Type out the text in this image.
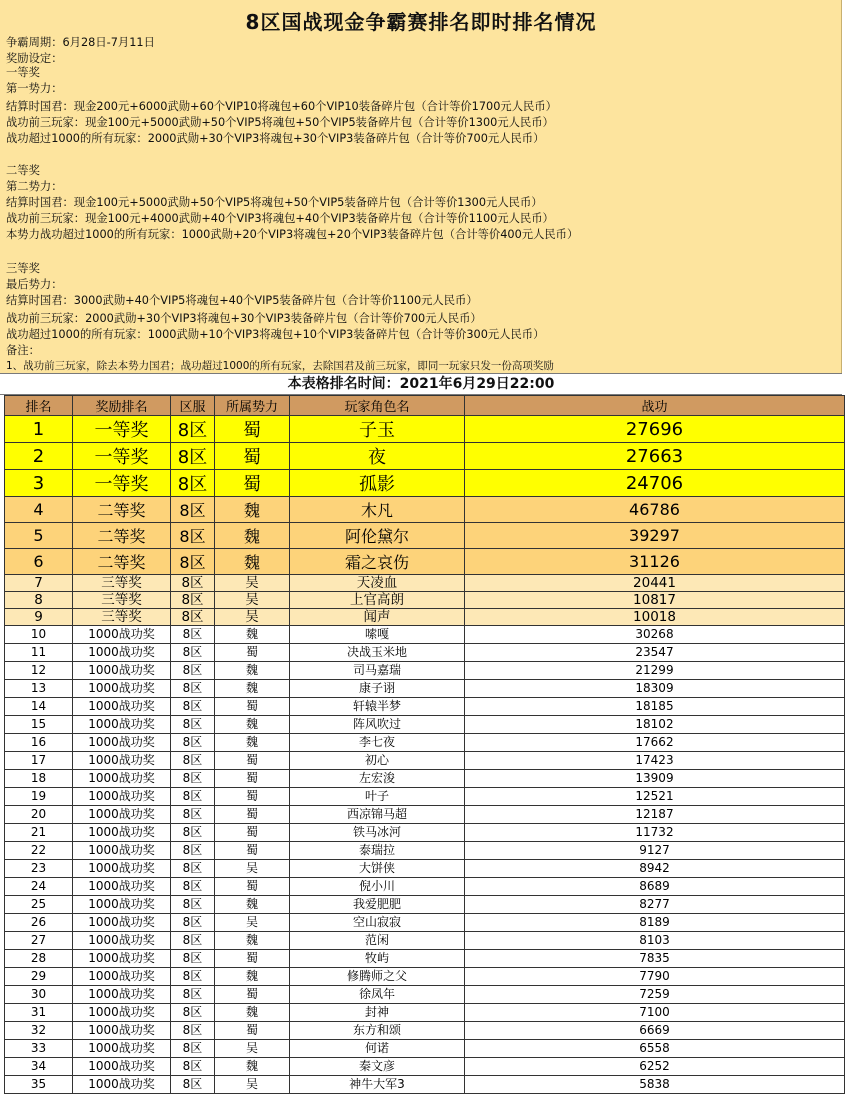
8区国战现金争霸赛排名即时排名情况
争霸周期：6月28日-7月11日
奖励设定：
一等奖
第一势力：
结算时国君：现金200元+6000武勋+60个VIP10将魂包+60个VIP10装备碎片包（合计等价1700元人民币）
战功前三玩家：现金100元+5000武勋+50个VIP5将魂包+50个VIP5装备碎片包（合计等价1300元人民币）
战功超过1000的所有玩家：2000武勋+30个VIP3将魂包+30个VIP3装备碎片包（合计等价700元人民币）
二等奖
第二势力：
结算时国君：现金100元+5000武勋+50个VIP5将魂包+50个VIP5装备碎片包（合计等价1300元人民币）
战功前三玩家：现金100元+4000武勋+40个VIP3将魂包+40个VIP3装备碎片包（合计等价1100元人民币）
本势力战功超过1000的所有玩家：1000武勋+20个VIP3将魂包+20个VIP3装备碎片包（合计等价400元人民币）
三等奖
最后势力：
结算时国君：3000武勋+40个VIP5将魂包+40个VIP5装备碎片包（合计等价1100元人民币）
战功前三玩家：2000武勋+30个VIP3将魂包+30个VIP3装备碎片包（合计等价700元人民币）
战功超过1000的所有玩家：1000武勋+10个VIP3将魂包+10个VIP3装备碎片包（合计等价300元人民币）
备注：
1、战功前三玩家，除去本势力国君；战功超过1000的所有玩家，去除国君及前三玩家，即同一玩家只发一份高项奖励
本表格排名时间：2021年6月29日22:00
排名	奖励排名	区服	所属势力	玩家角色名	战功
1	一等奖	8区	蜀	子玉	27696
2	一等奖	8区	蜀	夜	27663
3	一等奖	8区	蜀	孤影	24706
4	二等奖	8区	魏	木凡	46786
5	二等奖	8区	魏	阿伦黛尔	39297
6	二等奖	8区	魏	霜之哀伤	31126
7	三等奖	8区	吴	天凌血	20441
8	三等奖	8区	吴	上官高朗	10817
9	三等奖	8区	吴	闻声	10018
10	1000战功奖	8区	魏	嗦嘎	30268
11	1000战功奖	8区	蜀	决战玉米地	23547
12	1000战功奖	8区	魏	司马嘉瑞	21299
13	1000战功奖	8区	魏	康子诩	18309
14	1000战功奖	8区	蜀	轩辕半梦	18185
15	1000战功奖	8区	魏	阵风吹过	18102
16	1000战功奖	8区	魏	李七夜	17662
17	1000战功奖	8区	蜀	初心	17423
18	1000战功奖	8区	蜀	左宏浚	13909
19	1000战功奖	8区	蜀	叶子	12521
20	1000战功奖	8区	蜀	西凉锦马超	12187
21	1000战功奖	8区	蜀	铁马冰河	11732
22	1000战功奖	8区	蜀	泰瑞拉	9127
23	1000战功奖	8区	吴	大饼侠	8942
24	1000战功奖	8区	蜀	倪小川	8689
25	1000战功奖	8区	魏	我爱肥肥	8277
26	1000战功奖	8区	吴	空山寂寂	8189
27	1000战功奖	8区	魏	范闲	8103
28	1000战功奖	8区	蜀	牧屿	7835
29	1000战功奖	8区	魏	修腾师之父	7790
30	1000战功奖	8区	蜀	徐凤年	7259
31	1000战功奖	8区	魏	封神	7100
32	1000战功奖	8区	蜀	东方和颂	6669
33	1000战功奖	8区	吴	何诺	6558
34	1000战功奖	8区	魏	秦文彦	6252
35	1000战功奖	8区	吴	神牛大军3	5838
